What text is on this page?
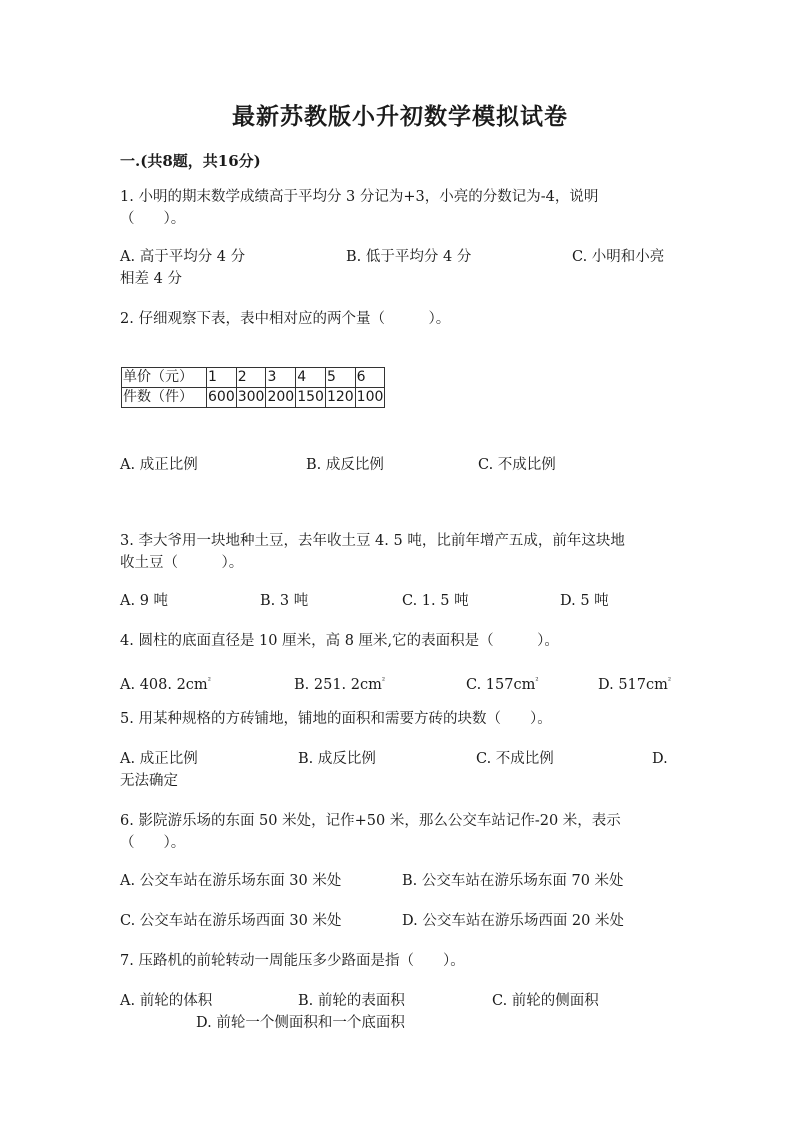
最新苏教版小升初数学模拟试卷
一.(共8题，共16分)
1. 小明的期末数学成绩高于平均分 3 分记为+3，小亮的分数记为-4，说明
（　　）。
A. 高于平均分 4 分	B. 低于平均分 4 分	C. 小明和小亮
相差 4 分
2. 仔细观察下表，表中相对应的两个量（　　　）。
单价（元）	1	2	3	4	5	6
件数（件）	600	300	200	150	120	100
A. 成正比例	B. 成反比例	C. 不成比例
3. 李大爷用一块地种土豆，去年收土豆 4. 5 吨，比前年增产五成，前年这块地
收土豆（　　　）。
A. 9 吨	B. 3 吨	C. 1. 5 吨	D. 5 吨
4. 圆柱的底面直径是 10 厘米，高 8 厘米,它的表面积是（　　　）。
A. 408. $2cm^{^2}$	B. 251. $2cm^{^2}$	C. $157cm^{^2}$	D. $517cm^{^2}$
5. 用某种规格的方砖铺地，铺地的面积和需要方砖的块数（　　）。
A. 成正比例	B. 成反比例	C. 不成比例	D.
无法确定
6. 影院游乐场的东面 50 米处，记作+50 米，那么公交车站记作-20 米，表示
（　　）。
A. 公交车站在游乐场东面 30 米处	B. 公交车站在游乐场东面 70 米处
C. 公交车站在游乐场西面 30 米处	D. 公交车站在游乐场西面 20 米处
7. 压路机的前轮转动一周能压多少路面是指（　　）。
A. 前轮的体积	B. 前轮的表面积	C. 前轮的侧面积
D. 前轮一个侧面积和一个底面积
